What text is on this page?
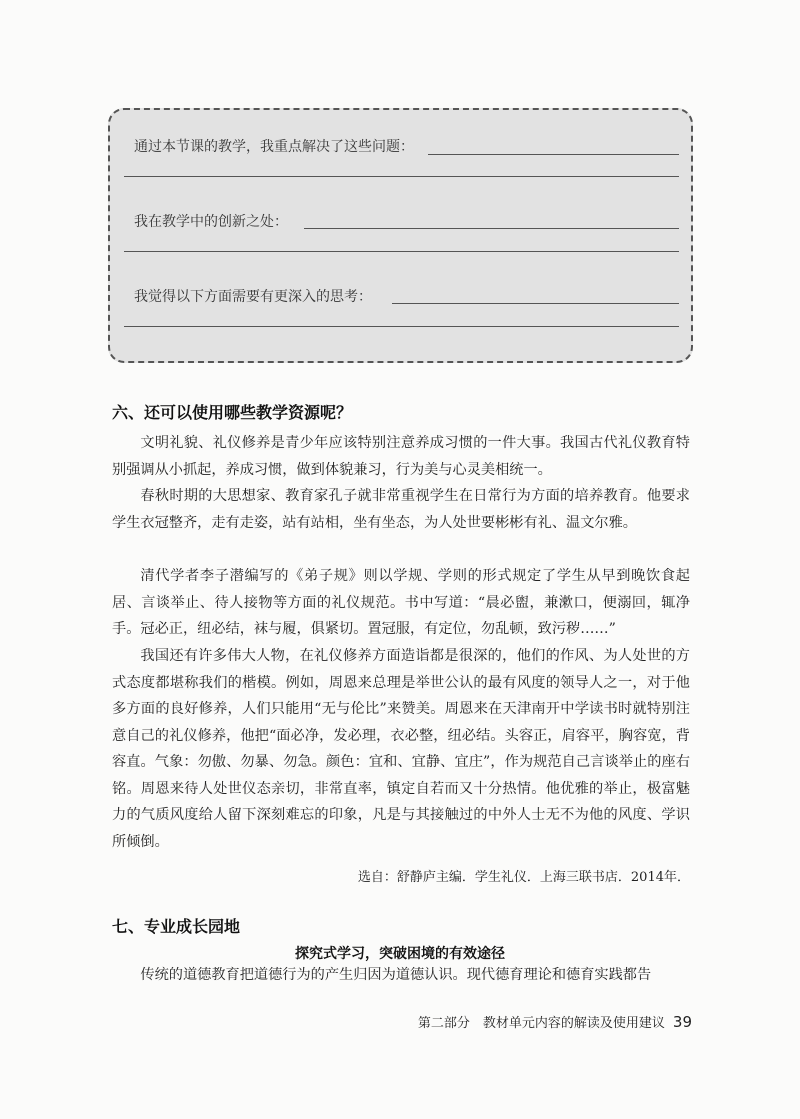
通过本节课的教学，我重点解决了这些问题：
我在教学中的创新之处：
我觉得以下方面需要有更深入的思考：
六、还可以使用哪些教学资源呢？

文明礼貌、礼仪修养是青少年应该特别注意养成习惯的一件大事。我国古代礼仪教育特别强调从小抓起，养成习惯，做到体貌兼习，行为美与心灵美相统一。

春秋时期的大思想家、教育家孔子就非常重视学生在日常行为方面的培养教育。他要求学生衣冠整齐，走有走姿，站有站相，坐有坐态，为人处世要彬彬有礼、温文尔雅。

清代学者李子潜编写的《弟子规》则以学规、学则的形式规定了学生从早到晚饮食起居、言谈举止、待人接物等方面的礼仪规范。书中写道：“晨必盥，兼漱口，便溺回，辄净手。冠必正，纽必结，袜与履，俱紧切。置冠服，有定位，勿乱顿，致污秽……”

我国还有许多伟大人物，在礼仪修养方面造诣都是很深的，他们的作风、为人处世的方式态度都堪称我们的楷模。例如，周恩来总理是举世公认的最有风度的领导人之一，对于他多方面的良好修养，人们只能用“无与伦比”来赞美。周恩来在天津南开中学读书时就特别注意自己的礼仪修养，他把“面必净，发必理，衣必整，纽必结。头容正，肩容平，胸容宽，背容直。气象：勿傲、勿暴、勿急。颜色：宜和、宜静、宜庄”，作为规范自己言谈举止的座右铭。周恩来待人处世仪态亲切，非常直率，镇定自若而又十分热情。他优雅的举止，极富魅力的气质风度给人留下深刻难忘的印象，凡是与其接触过的中外人士无不为他的风度、学识所倾倒。

选自：舒静庐主编．学生礼仪．上海三联书店．2014年．
七、专业成长园地
探究式学习，突破困境的有效途径

传统的道德教育把道德行为的产生归因为道德认识。现代德育理论和德育实践都告

第二部分　教材单元内容的解读及使用建议 39
